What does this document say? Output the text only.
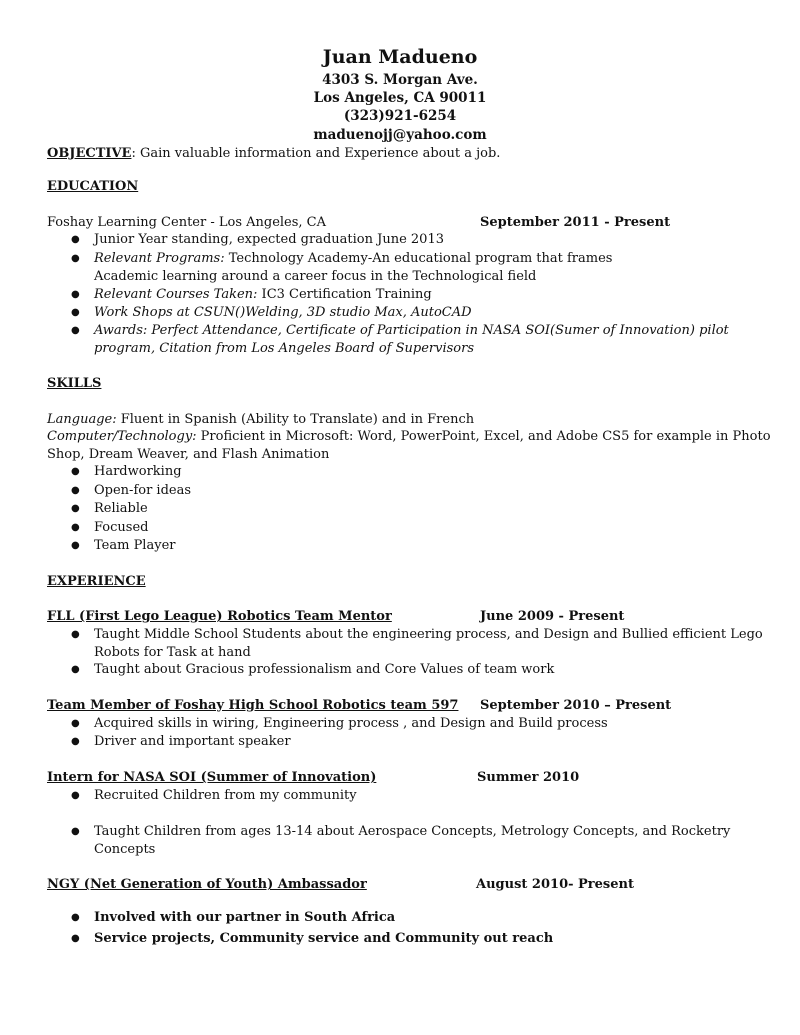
Juan Madueno
4303 S. Morgan Ave.
Los Angeles, CA 90011
(323)921-6254
maduenojj@yahoo.com
OBJECTIVE: Gain valuable information and Experience about a job.
EDUCATION
Foshay Learning Center - Los Angeles, CA	September 2011 - Present
● Junior Year standing, expected graduation June 2013
● Relevant Programs: Technology Academy-An educational program that frames
Academic learning around a career focus in the Technological field
● Relevant Courses Taken: IC3 Certification Training
● Work Shops at CSUN()Welding, 3D studio Max, AutoCAD
● Awards: Perfect Attendance, Certificate of Participation in NASA SOI(Sumer of Innovation) pilot
program, Citation from Los Angeles Board of Supervisors
SKILLS
Language: Fluent in Spanish (Ability to Translate) and in French
Computer/Technology: Proficient in Microsoft: Word, PowerPoint, Excel, and Adobe CS5 for example in Photo
Shop, Dream Weaver, and Flash Animation
● Hardworking
● Open-for ideas
● Reliable
● Focused
● Team Player
EXPERIENCE
FLL (First Lego League) Robotics Team Mentor	June 2009 - Present
● Taught Middle School Students about the engineering process, and Design and Bullied efficient Lego
Robots for Task at hand
● Taught about Gracious professionalism and Core Values of team work
Team Member of Foshay High School Robotics team 597 September 2010 – Present
● Acquired skills in wiring, Engineering process , and Design and Build process
● Driver and important speaker
Intern for NASA SOI (Summer of Innovation)	Summer 2010
● Recruited Children from my community
● Taught Children from ages 13-14 about Aerospace Concepts, Metrology Concepts, and Rocketry
Concepts
NGY (Net Generation of Youth) Ambassador	August 2010- Present
● Involved with our partner in South Africa
● Service projects, Community service and Community out reach
